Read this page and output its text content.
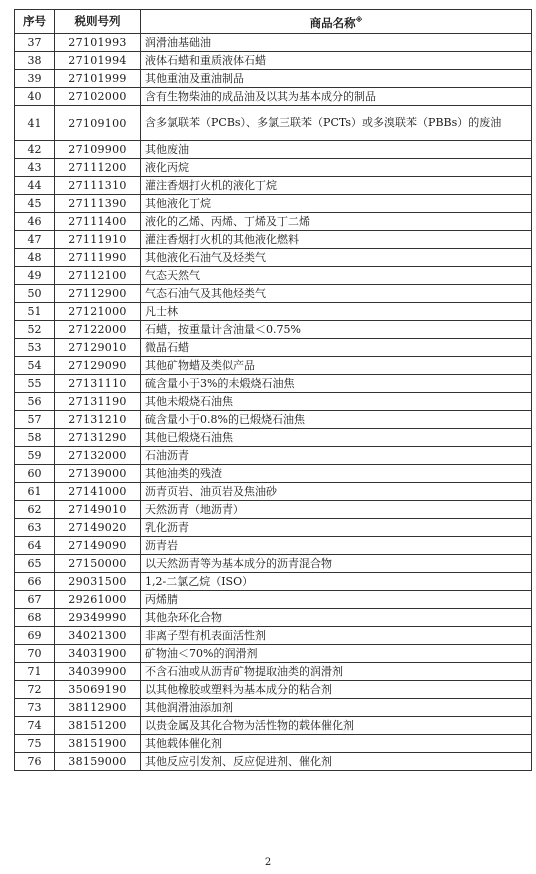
序号	税则号列	商品名称※
37	27101993	润滑油基础油
38	27101994	液体石蜡和重质液体石蜡
39	27101999	其他重油及重油制品
40	27102000	含有生物柴油的成品油及以其为基本成分的制品
41	27109100	含多氯联苯（PCBs）、多氯三联苯（PCTs）或多溴联苯（PBBs）的废油
42	27109900	其他废油
43	27111200	液化丙烷
44	27111310	灌注香烟打火机的液化丁烷
45	27111390	其他液化丁烷
46	27111400	液化的乙烯、丙烯、丁烯及丁二烯
47	27111910	灌注香烟打火机的其他液化燃料
48	27111990	其他液化石油气及烃类气
49	27112100	气态天然气
50	27112900	气态石油气及其他烃类气
51	27121000	凡士林
52	27122000	石蜡，按重量计含油量＜0.75%
53	27129010	微晶石蜡
54	27129090	其他矿物蜡及类似产品
55	27131110	硫含量小于3%的未煅烧石油焦
56	27131190	其他未煅烧石油焦
57	27131210	硫含量小于0.8%的已煅烧石油焦
58	27131290	其他已煅烧石油焦
59	27132000	石油沥青
60	27139000	其他油类的残渣
61	27141000	沥青页岩、油页岩及焦油砂
62	27149010	天然沥青（地沥青）
63	27149020	乳化沥青
64	27149090	沥青岩
65	27150000	以天然沥青等为基本成分的沥青混合物
66	29031500	1,2-二氯乙烷（ISO）
67	29261000	丙烯腈
68	29349990	其他杂环化合物
69	34021300	非离子型有机表面活性剂
70	34031900	矿物油＜70%的润滑剂
71	34039900	不含石油或从沥青矿物提取油类的润滑剂
72	35069190	以其他橡胶或塑料为基本成分的粘合剂
73	38112900	其他润滑油添加剂
74	38151200	以贵金属及其化合物为活性物的载体催化剂
75	38151900	其他载体催化剂
76	38159000	其他反应引发剂、反应促进剂、催化剂
2
